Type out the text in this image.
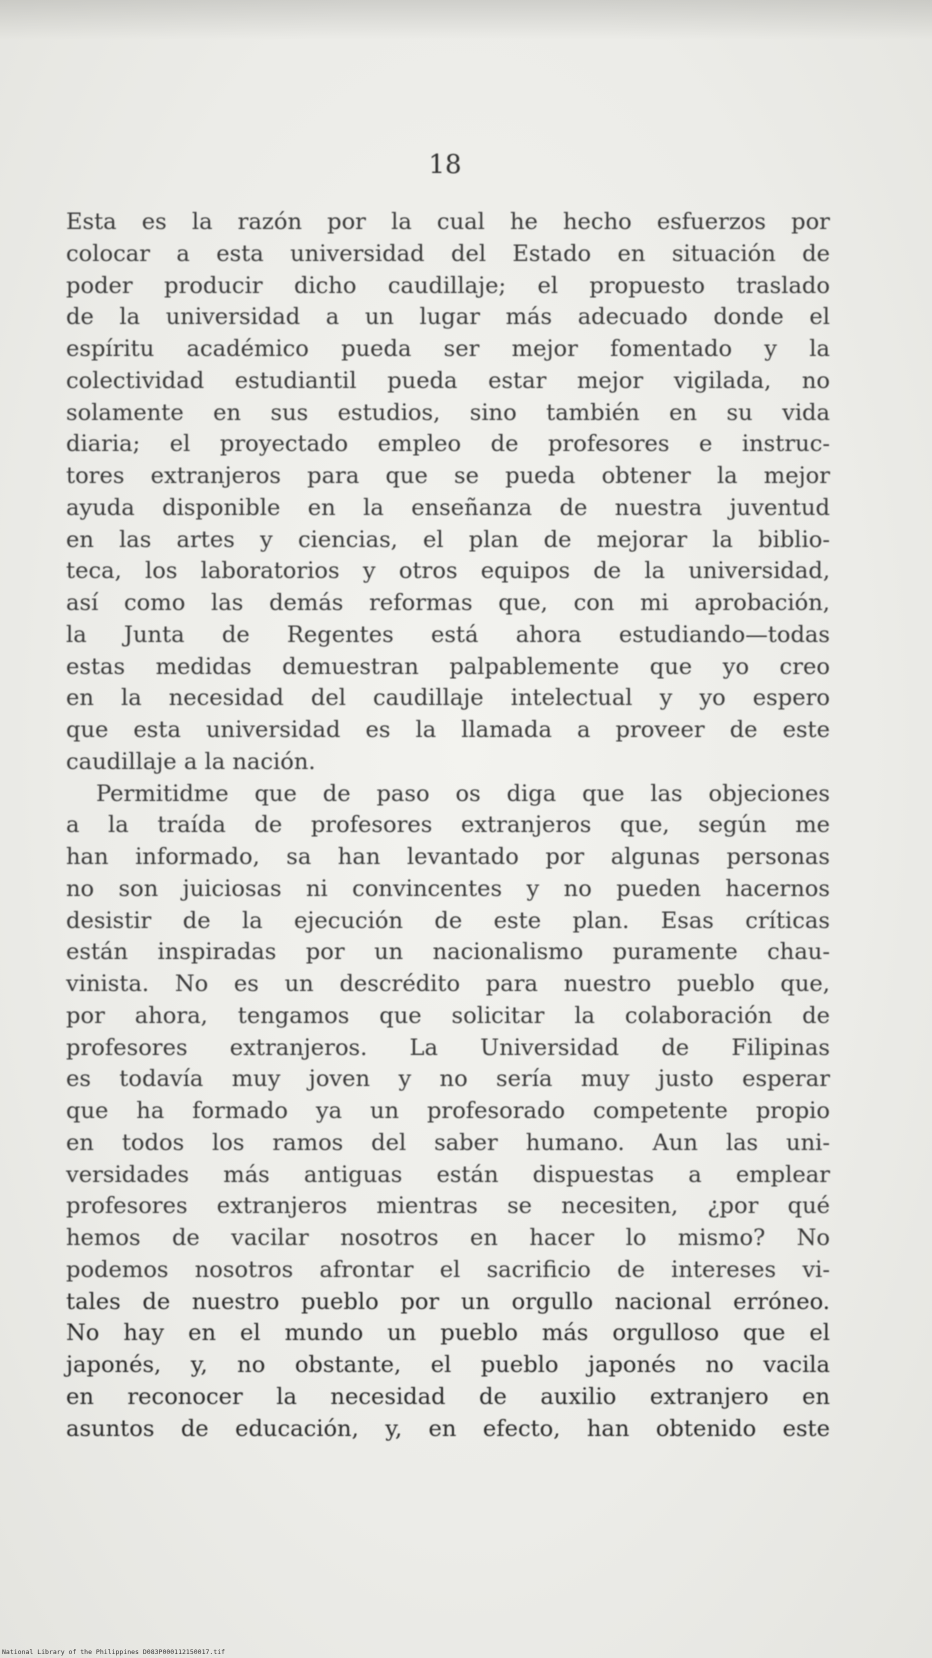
18
Esta es la razón por la cual he hecho esfuerzos por
colocar a esta universidad del Estado en situación de
poder producir dicho caudillaje; el propuesto traslado
de la universidad a un lugar más adecuado donde el
espíritu académico pueda ser mejor fomentado y la
colectividad estudiantil pueda estar mejor vigilada, no
solamente en sus estudios, sino también en su vida
diaria; el proyectado empleo de profesores e instruc-
tores extranjeros para que se pueda obtener la mejor
ayuda disponible en la enseñanza de nuestra juventud
en las artes y ciencias, el plan de mejorar la biblio-
teca, los laboratorios y otros equipos de la universidad,
así como las demás reformas que, con mi aprobación,
la Junta de Regentes está ahora estudiando—todas
estas medidas demuestran palpablemente que yo creo
en la necesidad del caudillaje intelectual y yo espero
que esta universidad es la llamada a proveer de este
caudillaje a la nación.
Permitidme que de paso os diga que las objeciones
a la traída de profesores extranjeros que, según me
han informado, sa han levantado por algunas personas
no son juiciosas ni convincentes y no pueden hacernos
desistir de la ejecución de este plan. Esas críticas
están inspiradas por un nacionalismo puramente chau-
vinista. No es un descrédito para nuestro pueblo que,
por ahora, tengamos que solicitar la colaboración de
profesores extranjeros. La Universidad de Filipinas
es todavía muy joven y no sería muy justo esperar
que ha formado ya un profesorado competente propio
en todos los ramos del saber humano. Aun las uni-
versidades más antiguas están dispuestas a emplear
profesores extranjeros mientras se necesiten, ¿por qué
hemos de vacilar nosotros en hacer lo mismo? No
podemos nosotros afrontar el sacrificio de intereses vi-
tales de nuestro pueblo por un orgullo nacional erróneo.
No hay en el mundo un pueblo más orgulloso que el
japonés, y, no obstante, el pueblo japonés no vacila
en reconocer la necesidad de auxilio extranjero en
asuntos de educación, y, en efecto, han obtenido este
National Library of the Philippines D083P000112150017.tif
